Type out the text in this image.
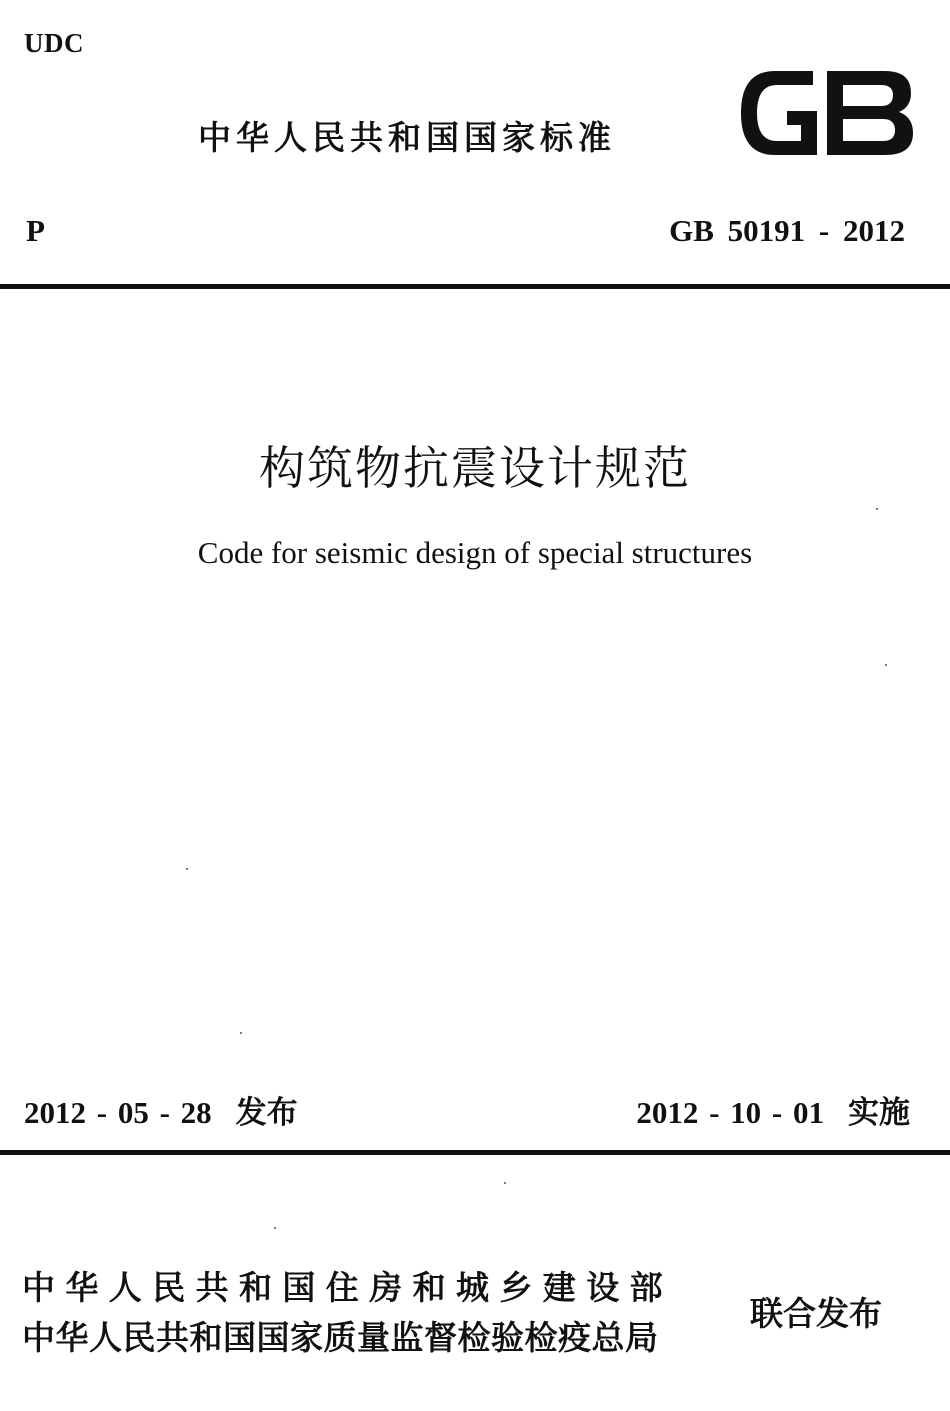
UDC
中华人民共和国国家标准
P	GB 50191 - 2012
构筑物抗震设计规范
Code for seismic design of special structures
2012 - 05 - 28 发布	2012 - 10 - 01 实施
中华人民共和国住房和城乡建设部
中华人民共和国国家质量监督检验检疫总局
联合发布
